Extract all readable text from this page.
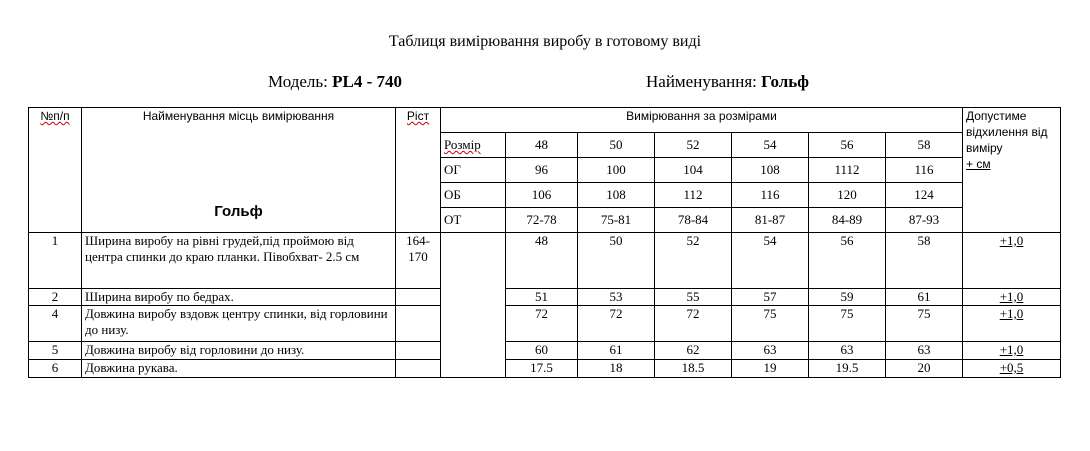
Таблиця вимірювання виробу в готовому виді
Модель: PL4 - 740	Найменування: Гольф
№п/п	Найменування місць вимірювання
Гольф	Ріст	Вимірювання за розмірами							Допустиме відхилення від виміру
+ см
			Розмір	48	50	52	54	56	58	
			ОГ	96	100	104	108	1112	116	
			ОБ	106	108	112	116	120	124	
			ОТ	72-78	75-81	78-84	81-87	84-89	87-93	
1	Ширина виробу на рівні грудей,під проймою від центра спинки до краю планки. Півобхват- 2.5 см	164-170		48	50	52	54	56	58	+1,0
2	Ширина виробу по бедрах.			51	53	55	57	59	61	+1,0
4	Довжина виробу вздовж центру спинки, від горловини до низу.			72	72	72	75	75	75	+1,0
5	Довжина виробу від горловини до низу.			60	61	62	63	63	63	+1,0
6	Довжина рукава.			17.5	18	18.5	19	19.5	20	+0,5
